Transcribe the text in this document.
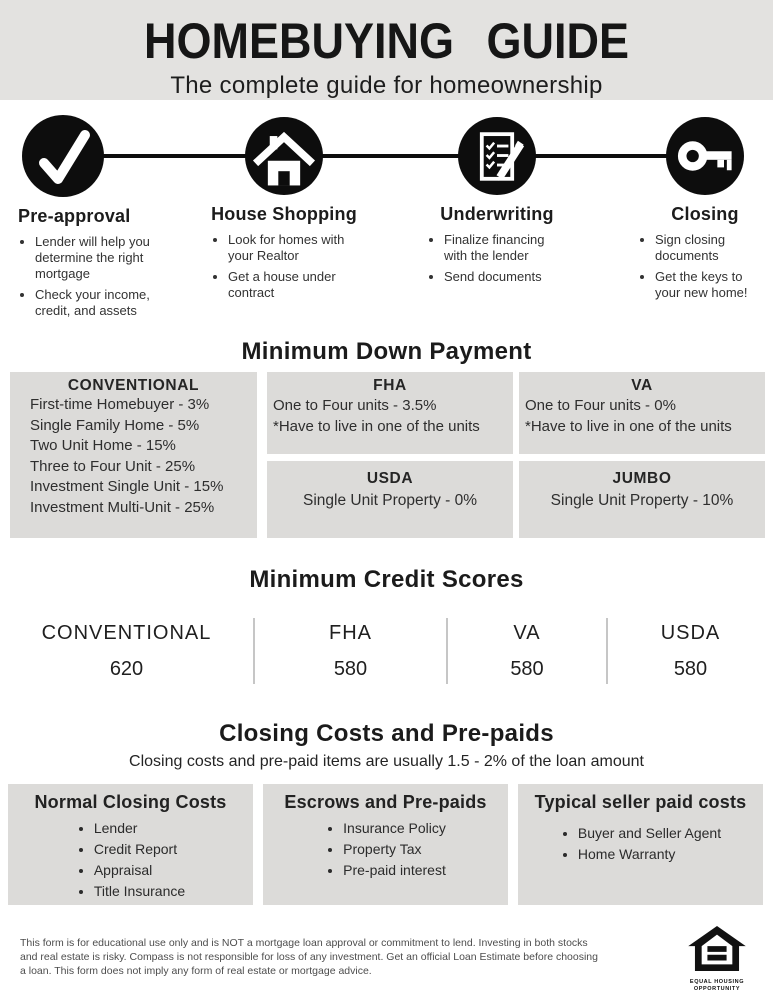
HOMEBUYING GUIDE

The complete guide for homeownership

Pre-approval
• Lender will help you determine the right mortgage
• Check your income, credit, and assets
House Shopping
• Look for homes with your Realtor
• Get a house under contract
Underwriting
• Finalize financing with the lender
• Send documents
Closing
• Sign closing documents
• Get the keys to your new home!
Minimum Down Payment
CONVENTIONAL
First-time Homebuyer - 3%
Single Family Home - 5%
Two Unit Home - 15%
Three to Four Unit - 25%
Investment Single Unit - 15%
Investment Multi-Unit - 25%
FHA
One to Four units - 3.5%
*Have to live in one of the units
VA
One to Four units - 0%
*Have to live in one of the units
USDA
Single Unit Property - 0%
JUMBO
Single Unit Property - 10%
Minimum Credit Scores
CONVENTIONAL
620
FHA
580
VA
580
USDA
580
Closing Costs and Pre-paids
Closing costs and pre-paid items are usually 1.5 - 2% of the loan amount
Normal Closing Costs
• Lender
• Credit Report
• Appraisal
• Title Insurance
Escrows and Pre-paids
• Insurance Policy
• Property Tax
• Pre-paid interest
Typical seller paid costs
• Buyer and Seller Agent
• Home Warranty

This form is for educational use only and is NOT a mortgage loan approval or commitment to lend. Investing in both stocks and real estate is risky. Compass is not responsible for loss of any investment. Get an official Loan Estimate before choosing a loan. This form does not imply any form of real estate or mortgage advice.

EQUAL HOUSING
OPPORTUNITY
